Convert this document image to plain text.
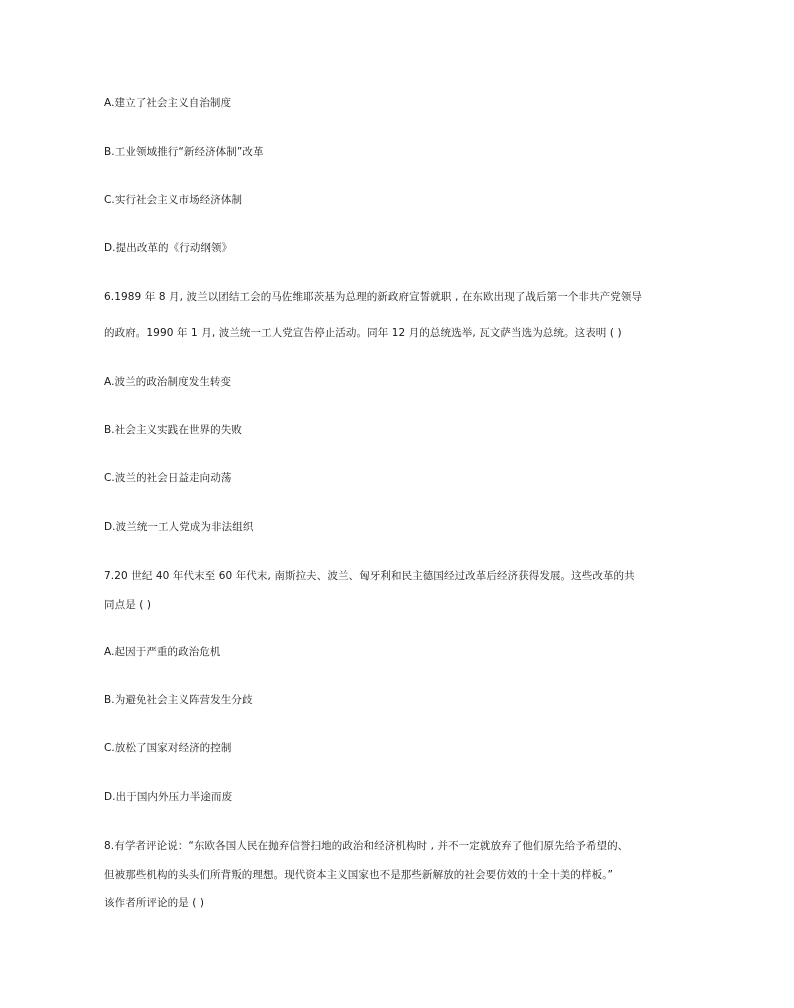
A.建立了社会主义自治制度
B.工业领域推行“新经济体制”改革
C.实行社会主义市场经济体制
D.提出改革的《行动纲领》
6.1989 年 8 月, 波兰以团结工会的马佐维耶茨基为总理的新政府宣誓就职 , 在东欧出现了战后第一个非共产党领导
的政府。1990 年 1 月, 波兰统一工人党宣告停止活动。同年 12 月的总统选举, 瓦文萨当选为总统。这表明 ( )
A.波兰的政治制度发生转变
B.社会主义实践在世界的失败
C.波兰的社会日益走向动荡
D.波兰统一工人党成为非法组织
7.20 世纪 40 年代末至 60 年代末, 南斯拉夫、波兰、匈牙利和民主德国经过改革后经济获得发展。这些改革的共
同点是 ( )
A.起因于严重的政治危机
B.为避免社会主义阵营发生分歧
C.放松了国家对经济的控制
D.出于国内外压力半途而废
8.有学者评论说：“东欧各国人民在抛弃信誉扫地的政治和经济机构时 , 并不一定就放弃了他们原先给予希望的、
但被那些机构的头头们所背叛的理想。现代资本主义国家也不是那些新解放的社会要仿效的十全十美的样板。”
该作者所评论的是 ( )
